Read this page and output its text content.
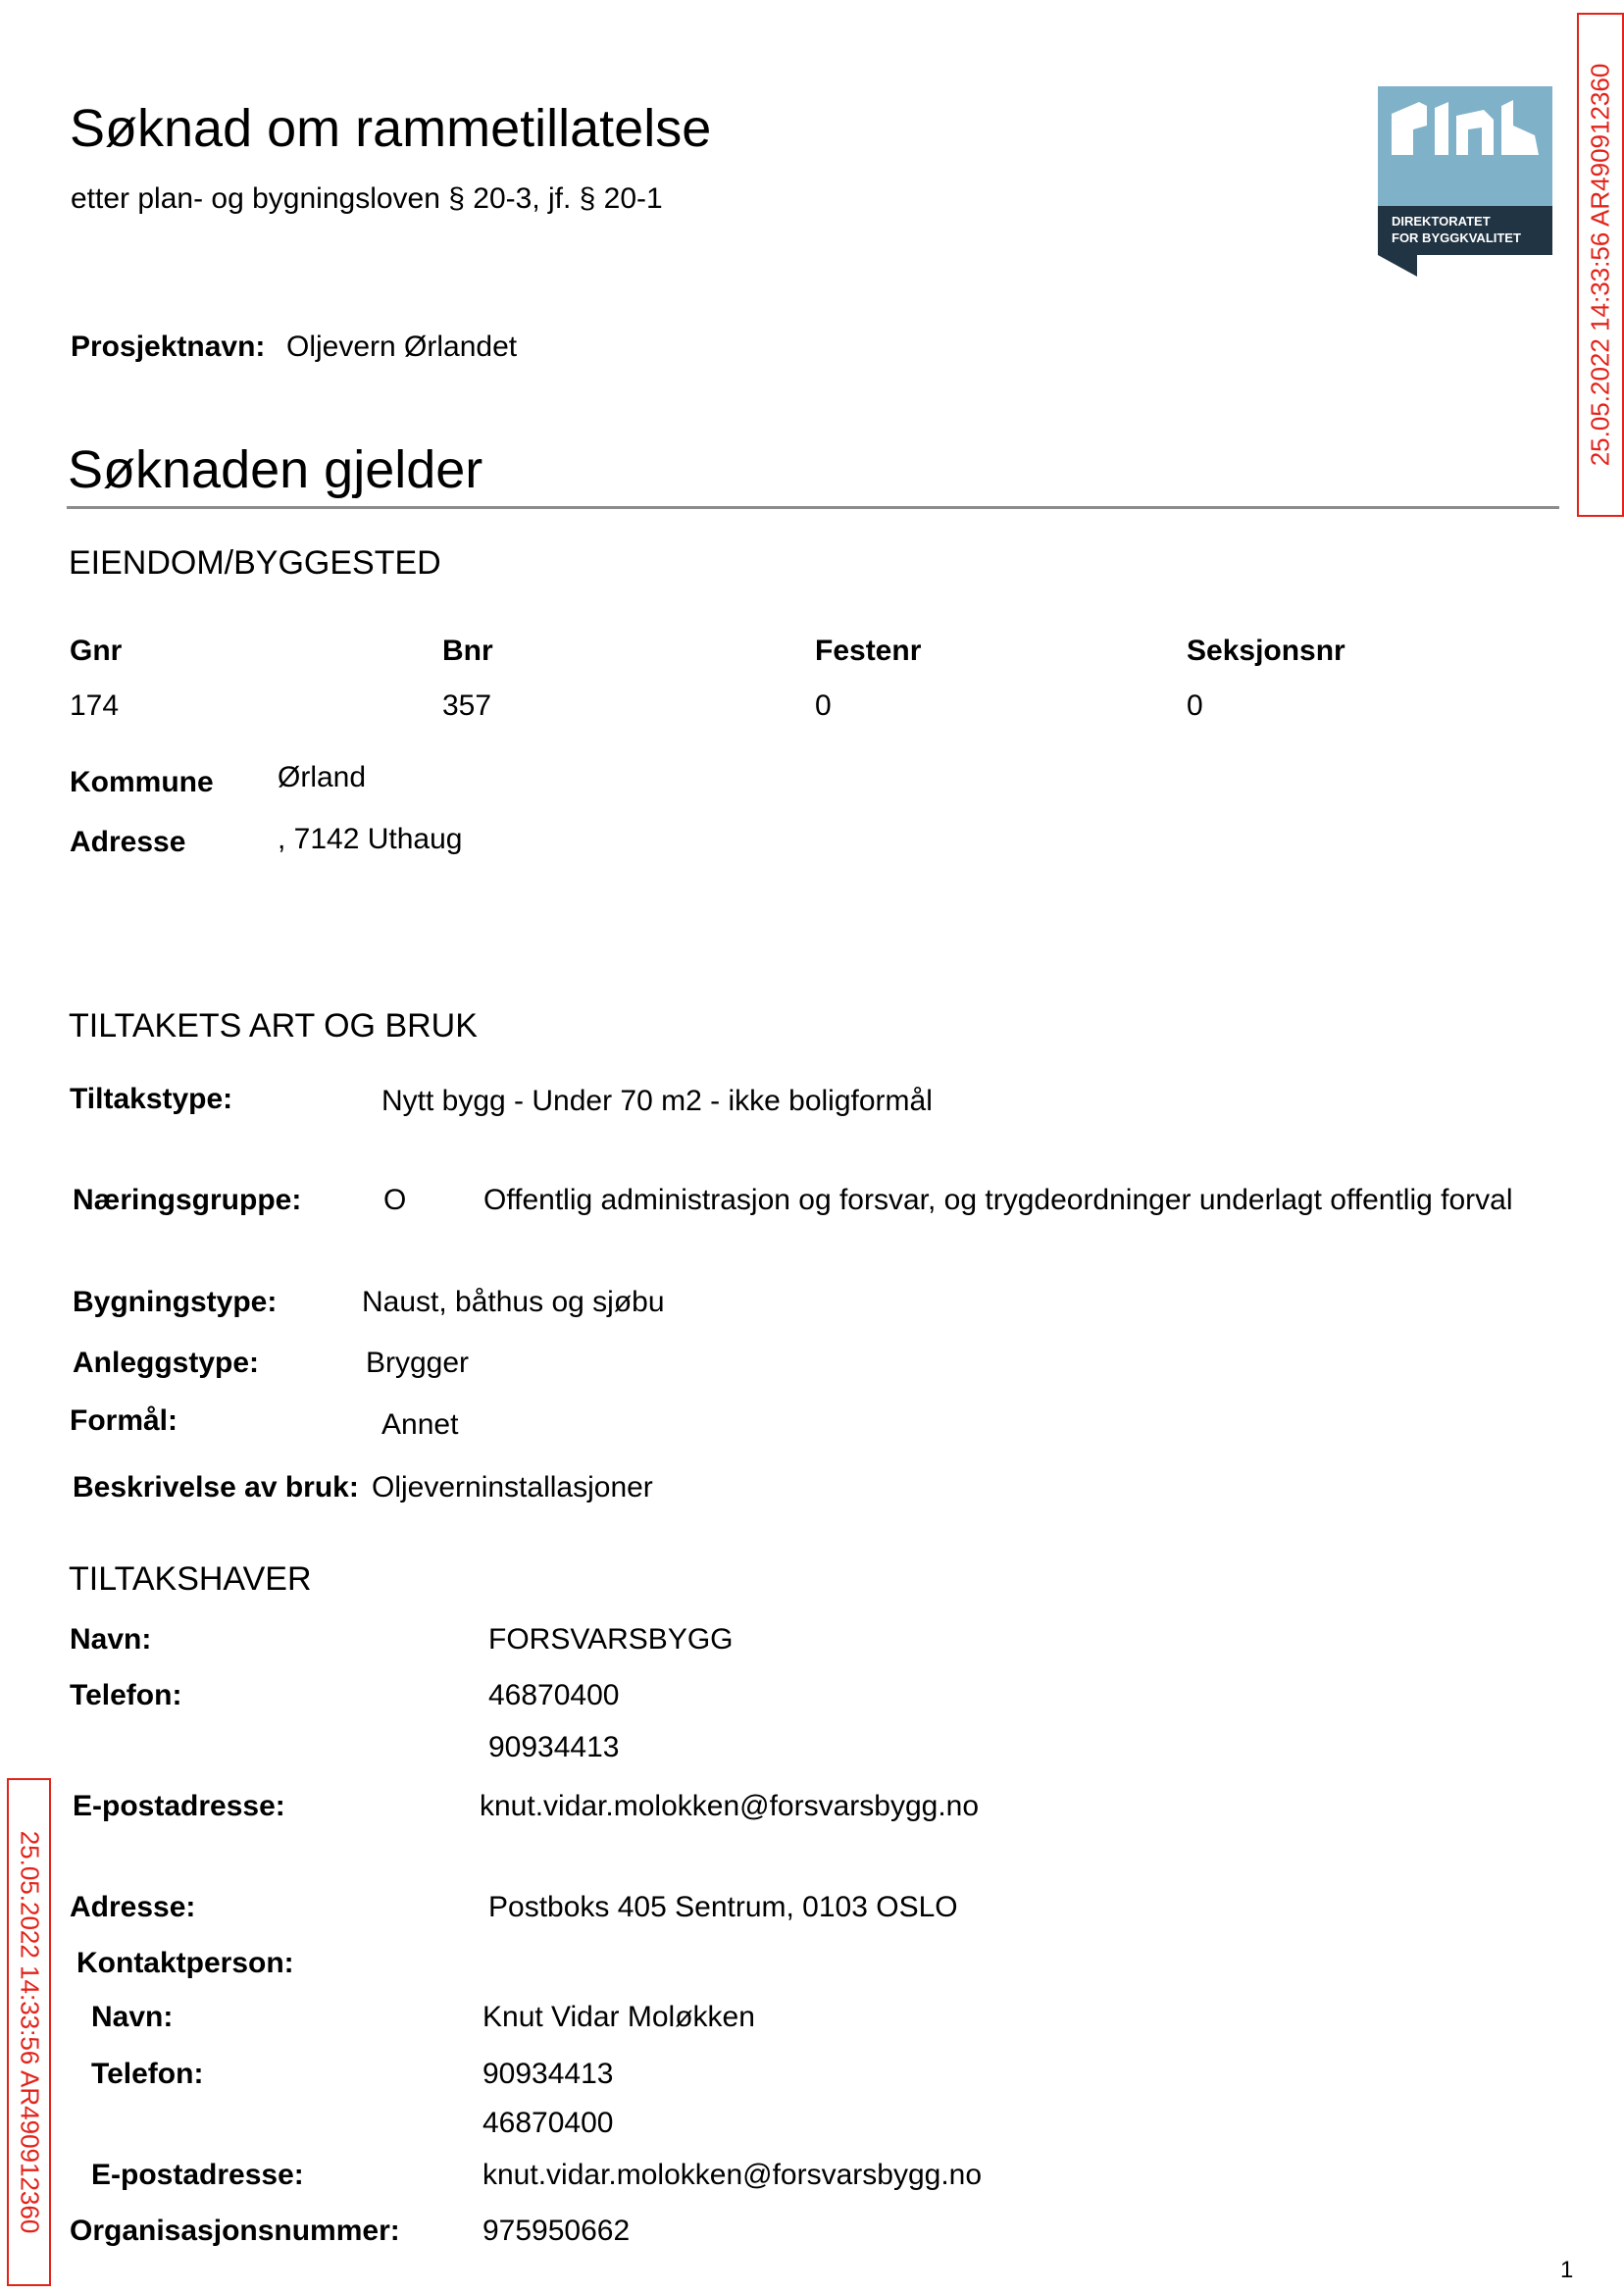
Søknad om rammetillatelse
etter plan- og bygningsloven § 20-3, jf. § 20-1
Prosjektnavn: Oljevern Ørlandet
DIREKTORATET
FOR BYGGKVALITET	25.05.2022 14:33:56 AR490912360
25.05.2022 14:33:56 AR490912360
Søknaden gjelder
EIENDOM/BYGGESTED
Gnr	Bnr	Festenr	Seksjonsnr
174	357	0	0
Kommune Ørland
Adresse	, 7142 Uthaug
TILTAKETS ART OG BRUK
Tiltakstype:	Nytt bygg - Under 70 m2 - ikke boligformål
Næringsgruppe:	O	Offentlig administrasjon og forsvar, og trygdeordninger underlagt offentlig forval
Bygningstype:	Naust, båthus og sjøbu
Anleggstype:	Brygger
Formål:	Annet
Beskrivelse av bruk: Oljeverninstallasjoner
TILTAKSHAVER
Navn:	FORSVARSBYGG
Telefon:	46870400
90934413
E-postadresse:	knut.vidar.molokken@forsvarsbygg.no
Adresse:	Postboks 405 Sentrum, 0103 OSLO
Kontaktperson:
Navn:	Knut Vidar Moløkken
Telefon:	90934413
46870400
E-postadresse:	knut.vidar.molokken@forsvarsbygg.no
Organisasjonsnummer:	975950662
1
